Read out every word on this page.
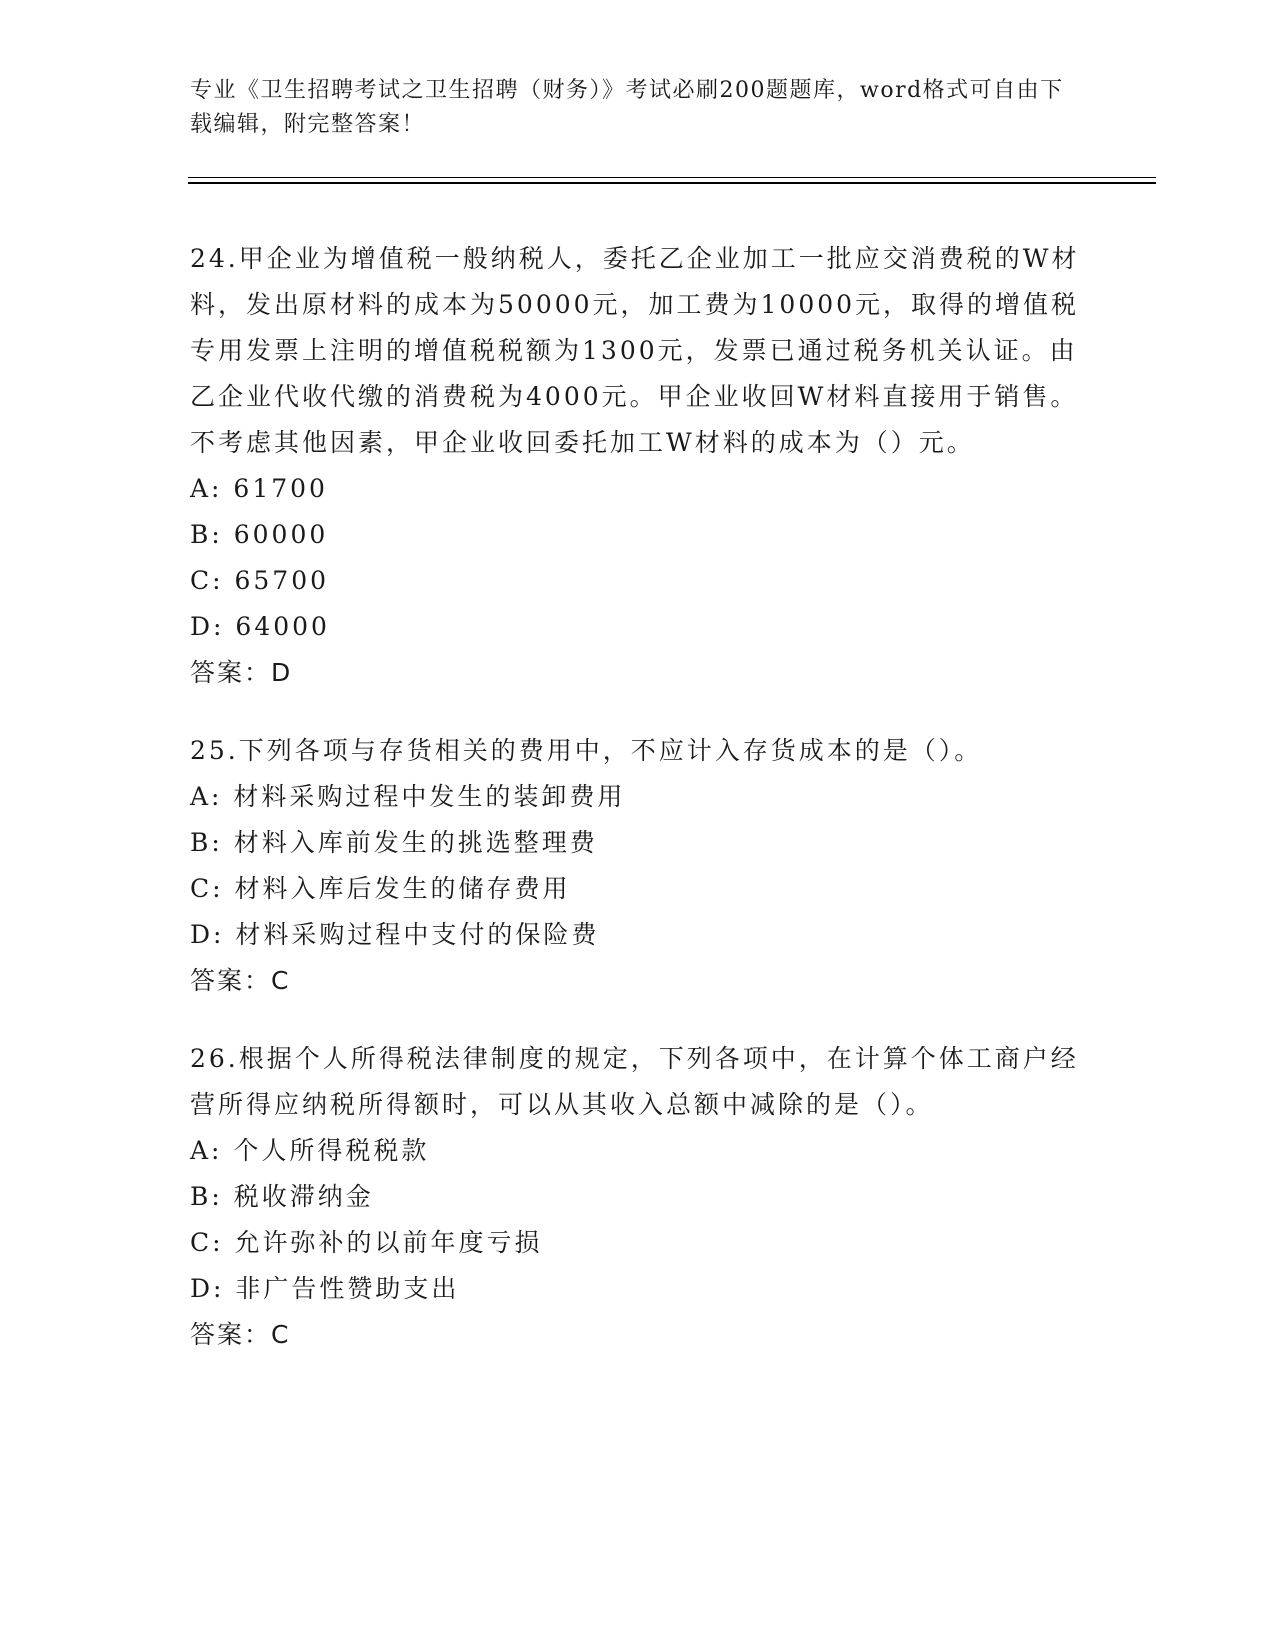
专业《卫生招聘考试之卫生招聘（财务）》考试必刷200题题库，word格式可自由下载编辑，附完整答案！

24.甲企业为增值税一般纳税人，委托乙企业加工一批应交消费税的W材料，发出原材料的成本为50000元，加工费为10000元，取得的增值税专用发票上注明的增值税税额为1300元，发票已通过税务机关认证。由乙企业代收代缴的消费税为4000元。甲企业收回W材料直接用于销售。不考虑其他因素，甲企业收回委托加工W材料的成本为（）元。

A: 61700

B: 60000

C: 65700

D: 64000

答案：D

25.下列各项与存货相关的费用中，不应计入存货成本的是（）。

A: 材料采购过程中发生的装卸费用

B: 材料入库前发生的挑选整理费

C: 材料入库后发生的储存费用

D: 材料采购过程中支付的保险费

答案：C

26.根据个人所得税法律制度的规定，下列各项中，在计算个体工商户经营所得应纳税所得额时，可以从其收入总额中减除的是（）。

A: 个人所得税税款

B: 税收滞纳金

C: 允许弥补的以前年度亏损

D: 非广告性赞助支出

答案：C
